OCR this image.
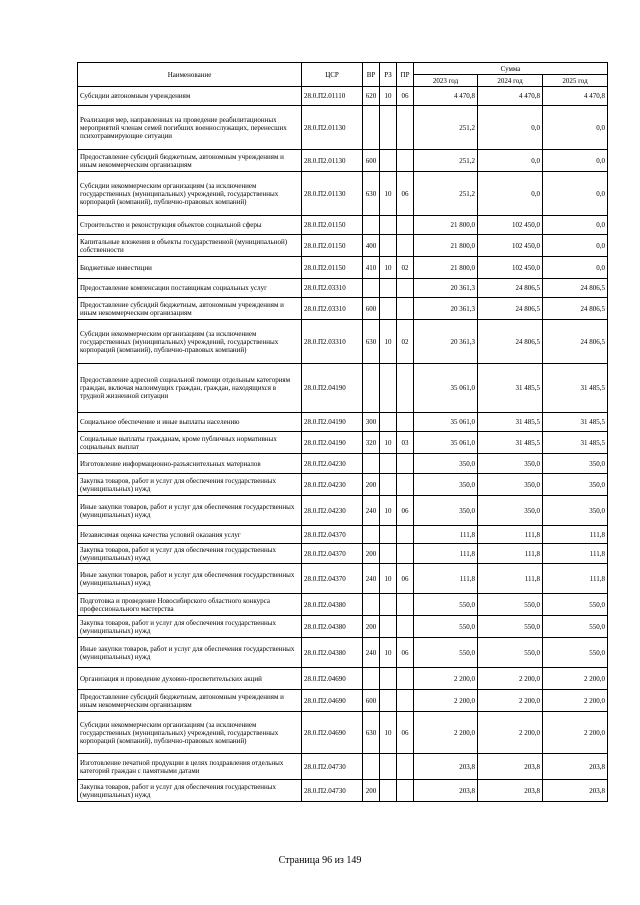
Наименование	ЦСР	ВР	РЗ	ПР	Сумма		
					2023 год	2024 год	2025 год
Субсидии автономным учреждениям	28.0.П2.01110	620	10	06	4 470,8	4 470,8	4 470,8
Реализация мер, направленных на проведение реабилитационных мероприятий членам семей погибших военнослужащих, перенесших психотравмирующие ситуации	28.0.П2.01130				251,2	0,0	0,0
Предоставление субсидий бюджетным, автономным учреждениям и иным некоммерческим организациям	28.0.П2.01130	600			251,2	0,0	0,0
Субсидии некоммерческим организациям (за исключением государственных (муниципальных) учреждений, государственных корпораций (компаний), публично-правовых компаний)	28.0.П2.01130	630	10	06	251,2	0,0	0,0
Строительство и реконструкция объектов социальной сферы	28.0.П2.01150				21 800,0	102 450,0	0,0
Капитальные вложения в объекты государственной (муниципальной) собственности	28.0.П2.01150	400			21 800,0	102 450,0	0,0
Бюджетные инвестиции	28.0.П2.01150	410	10	02	21 800,0	102 450,0	0,0
Предоставление компенсации поставщикам социальных услуг	28.0.П2.03310				20 361,3	24 806,5	24 806,5
Предоставление субсидий бюджетным, автономным учреждениям и иным некоммерческим организациям	28.0.П2.03310	600			20 361,3	24 806,5	24 806,5
Субсидии некоммерческим организациям (за исключением государственных (муниципальных) учреждений, государственных корпораций (компаний), публично-правовых компаний)	28.0.П2.03310	630	10	02	20 361,3	24 806,5	24 806,5
Предоставление адресной социальной помощи отдельным категориям граждан, включая малоимущих граждан, граждан, находящихся в трудной жизненной ситуации	28.0.П2.04190				35 061,0	31 485,5	31 485,5
Социальное обеспечение и иные выплаты населению	28.0.П2.04190	300			35 061,0	31 485,5	31 485,5
Социальные выплаты гражданам, кроме публичных нормативных социальных выплат	28.0.П2.04190	320	10	03	35 061,0	31 485,5	31 485,5
Изготовление информационно-разъяснительных материалов	28.0.П2.04230				350,0	350,0	350,0
Закупка товаров, работ и услуг для обеспечения государственных (муниципальных) нужд	28.0.П2.04230	200			350,0	350,0	350,0
Иные закупки товаров, работ и услуг для обеспечения государственных (муниципальных) нужд	28.0.П2.04230	240	10	06	350,0	350,0	350,0
Независимая оценка качества условий оказания услуг	28.0.П2.04370				111,8	111,8	111,8
Закупка товаров, работ и услуг для обеспечения государственных (муниципальных) нужд	28.0.П2.04370	200			111,8	111,8	111,8
Иные закупки товаров, работ и услуг для обеспечения государственных (муниципальных) нужд	28.0.П2.04370	240	10	06	111,8	111,8	111,8
Подготовка и проведение Новосибирского областного конкурса профессионального мастерства	28.0.П2.04380				550,0	550,0	550,0
Закупка товаров, работ и услуг для обеспечения государственных (муниципальных) нужд	28.0.П2.04380	200			550,0	550,0	550,0
Иные закупки товаров, работ и услуг для обеспечения государственных (муниципальных) нужд	28.0.П2.04380	240	10	06	550,0	550,0	550,0
Организация и проведение духовно-просветительских акций	28.0.П2.04690				2 200,0	2 200,0	2 200,0
Предоставление субсидий бюджетным, автономным учреждениям и иным некоммерческим организациям	28.0.П2.04690	600			2 200,0	2 200,0	2 200,0
Субсидии некоммерческим организациям (за исключением государственных (муниципальных) учреждений, государственных корпораций (компаний), публично-правовых компаний)	28.0.П2.04690	630	10	06	2 200,0	2 200,0	2 200,0
Изготовление печатной продукции в целях поздравления отдельных категорий граждан с памятными датами	28.0.П2.04730				203,8	203,8	203,8
Закупка товаров, работ и услуг для обеспечения государственных (муниципальных) нужд	28.0.П2.04730	200			203,8	203,8	203,8
Страница 96 из 149
